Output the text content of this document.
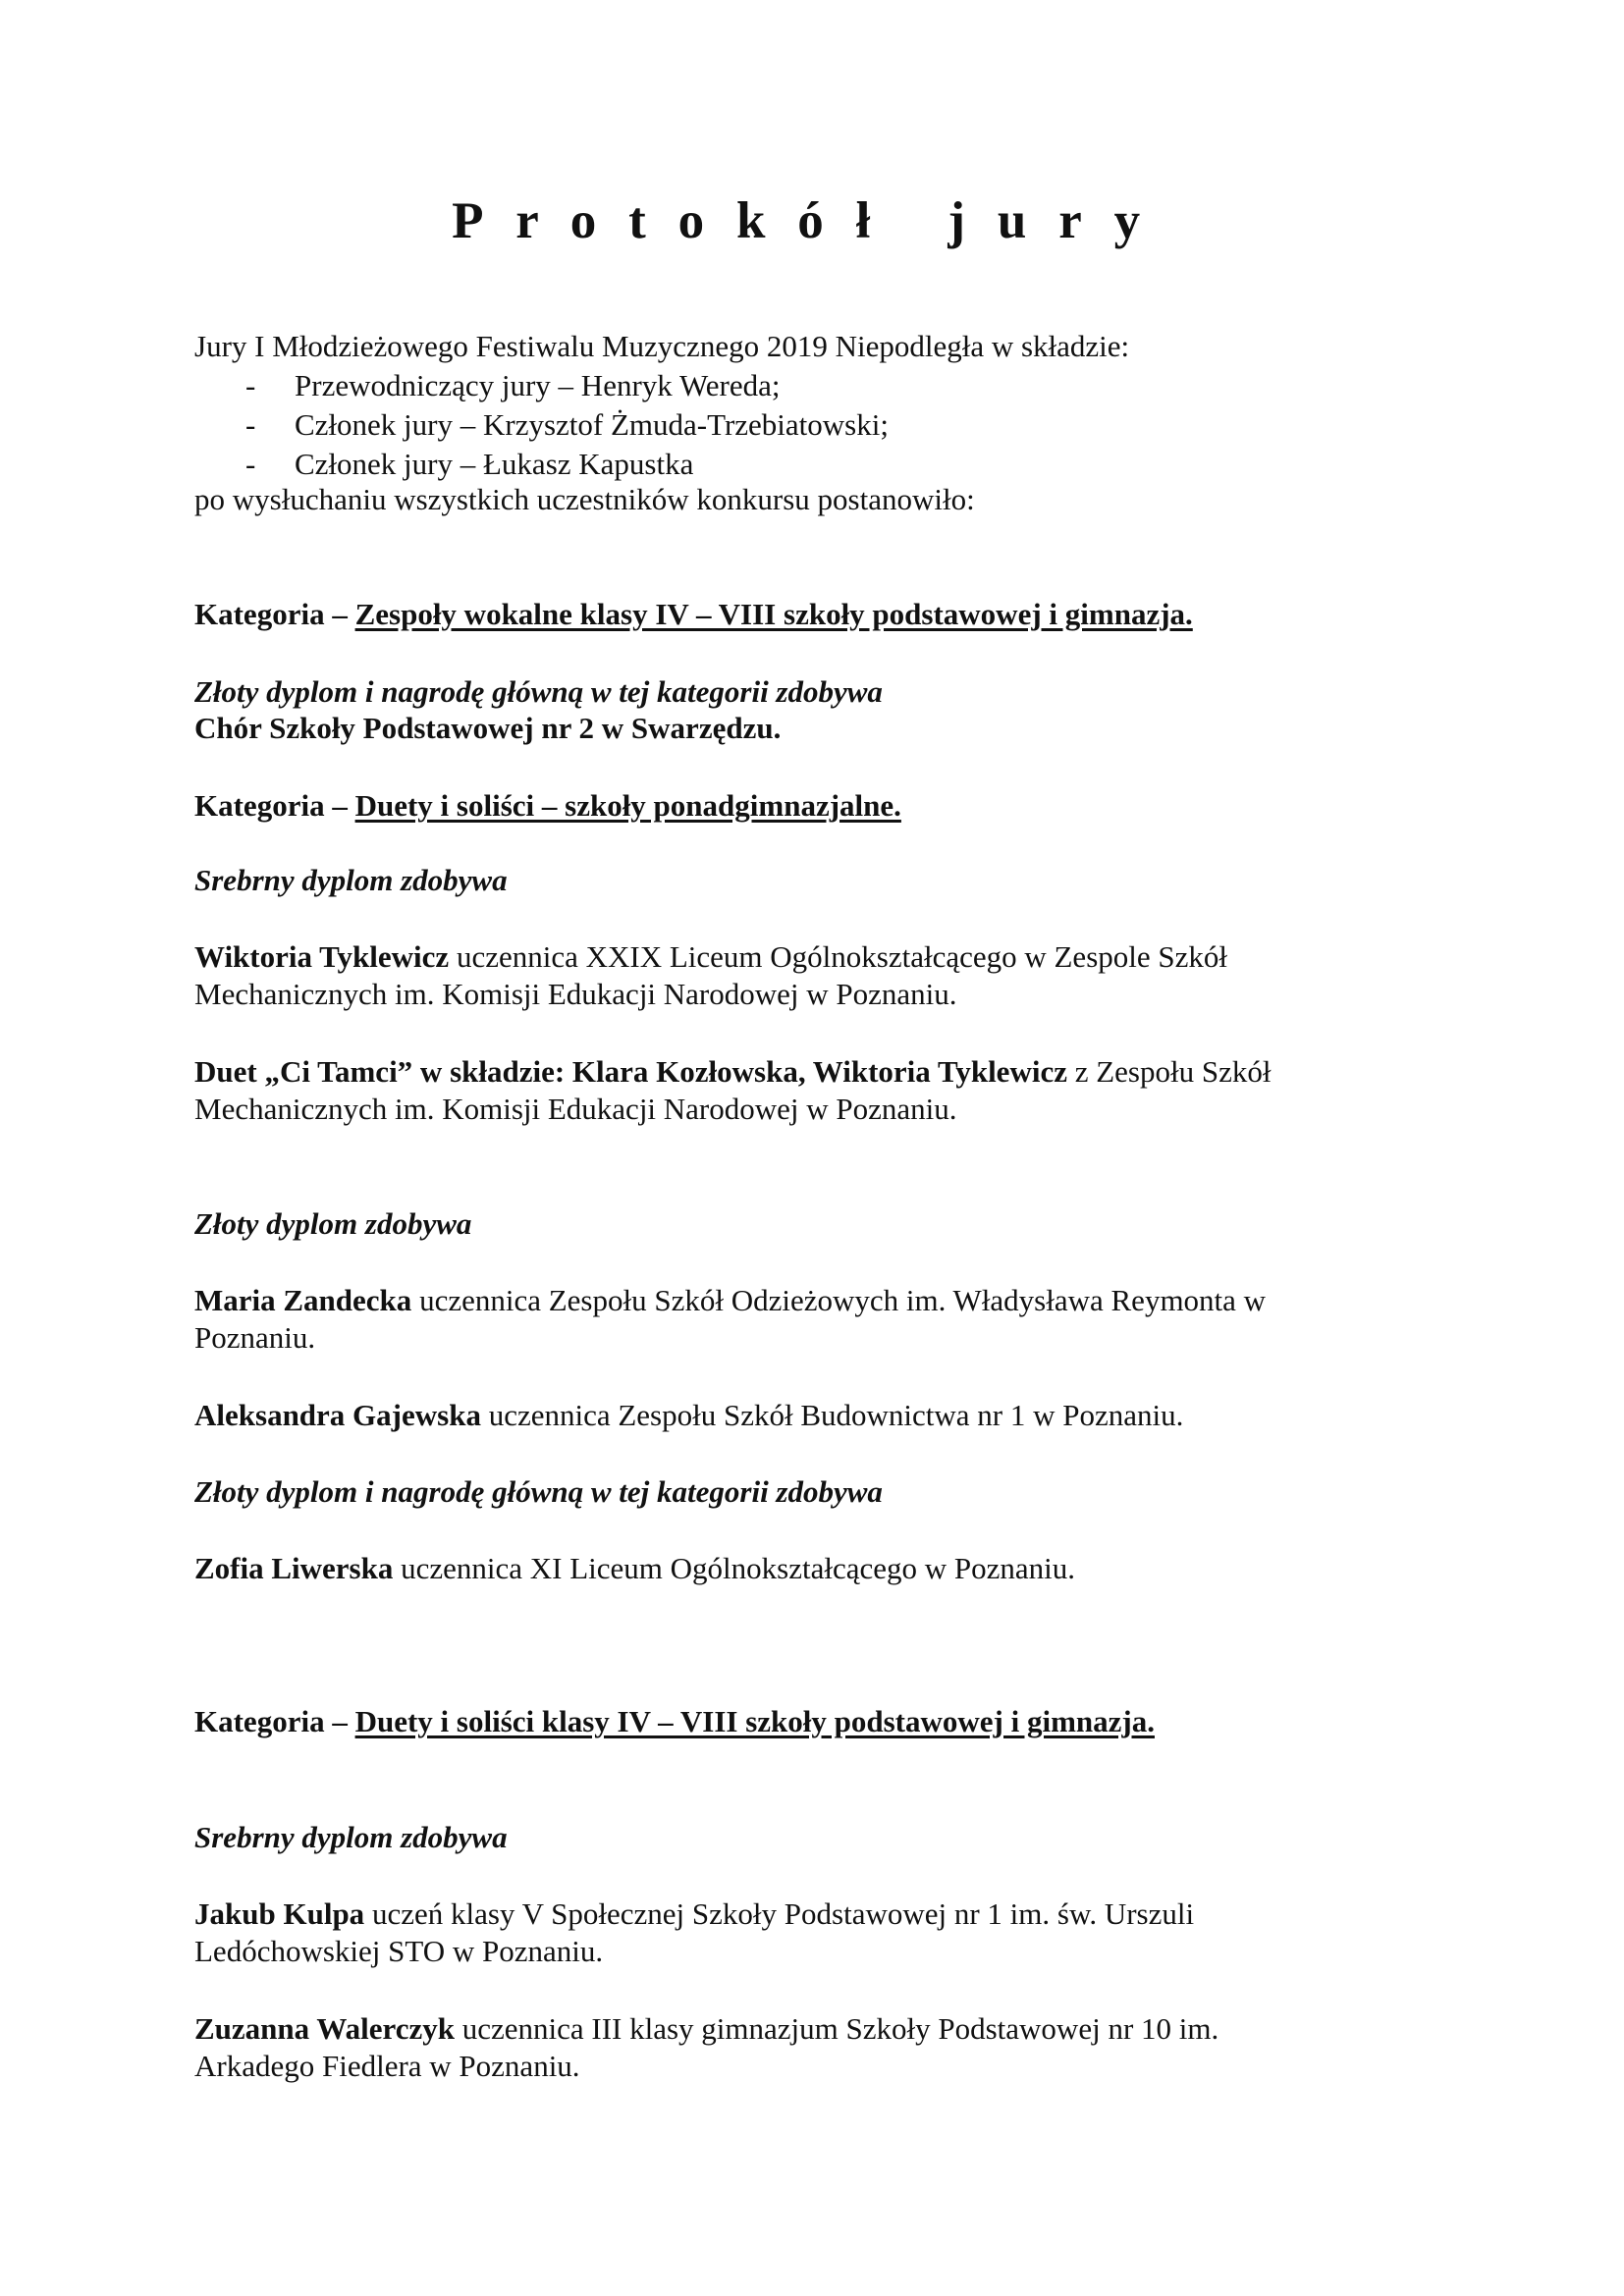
Protokół jury
Jury I Młodzieżowego Festiwalu Muzycznego 2019 Niepodległa w składzie:
- Przewodniczący jury – Henryk Wereda;
- Członek jury – Krzysztof Żmuda-Trzebiatowski;
- Członek jury – Łukasz Kapustka
po wysłuchaniu wszystkich uczestników konkursu postanowiło:
Kategoria – Zespoły wokalne klasy IV – VIII szkoły podstawowej i gimnazja.
Złoty dyplom i nagrodę główną w tej kategorii zdobywa
Chór Szkoły Podstawowej nr 2 w Swarzędzu.
Kategoria – Duety i soliści – szkoły ponadgimnazjalne.
Srebrny dyplom zdobywa
Wiktoria Tyklewicz uczennica XXIX Liceum Ogólnokształcącego w Zespole Szkół
Mechanicznych im. Komisji Edukacji Narodowej w Poznaniu.
Duet „Ci Tamci” w składzie: Klara Kozłowska, Wiktoria Tyklewicz z Zespołu Szkół
Mechanicznych im. Komisji Edukacji Narodowej w Poznaniu.
Złoty dyplom zdobywa
Maria Zandecka uczennica Zespołu Szkół Odzieżowych im. Władysława Reymonta w
Poznaniu.
Aleksandra Gajewska uczennica Zespołu Szkół Budownictwa nr 1 w Poznaniu.
Złoty dyplom i nagrodę główną w tej kategorii zdobywa
Zofia Liwerska uczennica XI Liceum Ogólnokształcącego w Poznaniu.
Kategoria – Duety i soliści klasy IV – VIII szkoły podstawowej i gimnazja.
Srebrny dyplom zdobywa
Jakub Kulpa uczeń klasy V Społecznej Szkoły Podstawowej nr 1 im. św. Urszuli
Ledóchowskiej STO w Poznaniu.
Zuzanna Walerczyk uczennica III klasy gimnazjum Szkoły Podstawowej nr 10 im.
Arkadego Fiedlera w Poznaniu.
